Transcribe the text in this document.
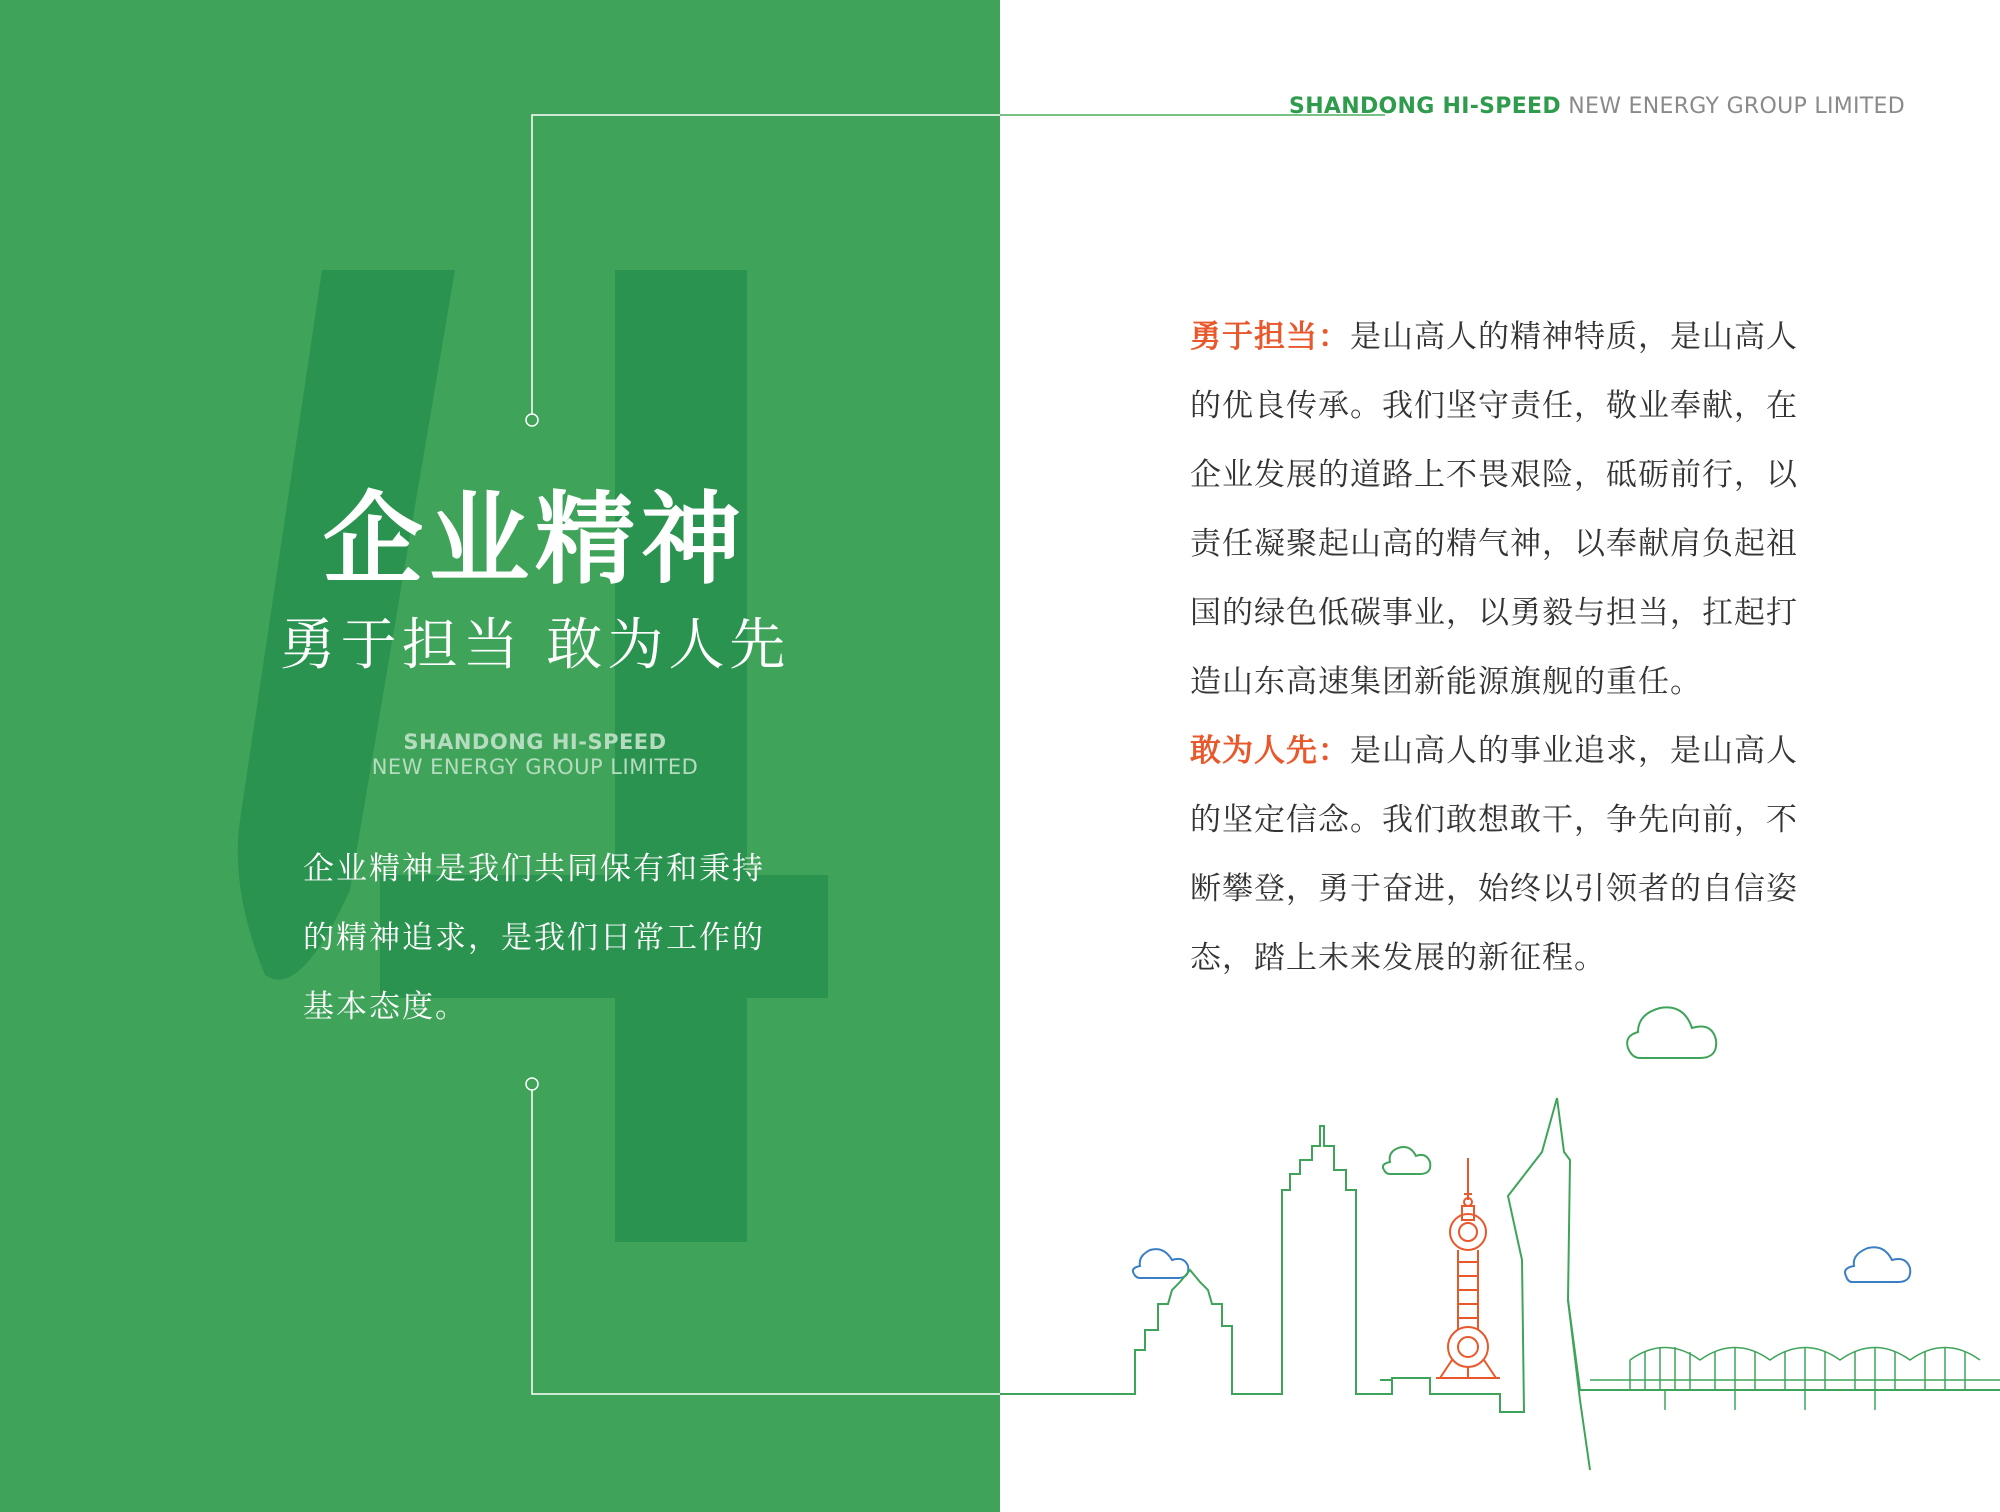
企业精神
勇于担当 敢为人先
SHANDONG HI-SPEED
NEW ENERGY GROUP LIMITED
企业精神是我们共同保有和秉持的精神追求，是我们日常工作的基本态度。
SHANDONG HI-SPEED NEW ENERGY GROUP LIMITED

勇于担当：是山高人的精神特质，是山高人的优良传承。我们坚守责任，敬业奉献，在企业发展的道路上不畏艰险，砥砺前行，以责任凝聚起山高的精气神，以奉献肩负起祖国的绿色低碳事业，以勇毅与担当，扛起打造山东高速集团新能源旗舰的重任。

敢为人先：是山高人的事业追求，是山高人的坚定信念。我们敢想敢干，争先向前，不断攀登，勇于奋进，始终以引领者的自信姿态，踏上未来发展的新征程。
